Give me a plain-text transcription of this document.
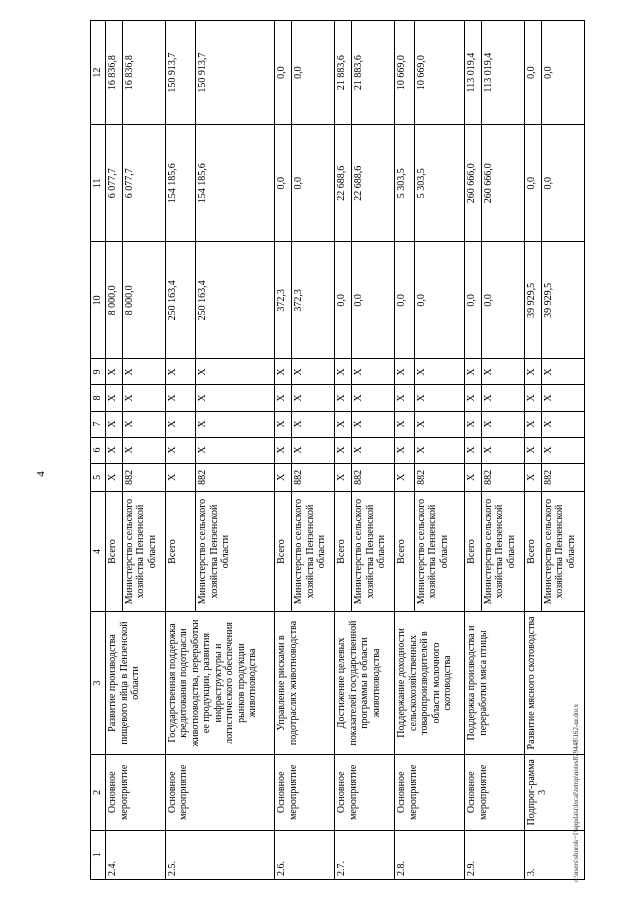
4
1	2	3	4	5	6	7	8	9	10	11	12
2.4.	Основное мероприятие	Развитие производства пищевого яйца в Пензенской области	Всего	Х	Х	Х	Х	Х	8 000,0	6 077,7	16 836,8
			Министерство сельского хозяйства Пензенской области	882	Х	Х	Х	Х	8 000,0	6 077,7	16 836,8
2.5.	Основное мероприятие	Государственная поддержка кредитования подотрасли животноводства, переработки ее продукции, развития инфраструктуры и логистического обеспечения рынков продукции животноводства	Всего	Х	Х	Х	Х	Х	250 163,4	154 185,6	150 913,7
			Министерство сельского хозяйства Пензенской области	882	Х	Х	Х	Х	250 163,4	154 185,6	150 913,7
2.6.	Основное мероприятие	Управление рисками в подотраслях животноводства	Всего	Х	Х	Х	Х	Х	372,3	0,0	0,0
			Министерство сельского хозяйства Пензенской области	882	Х	Х	Х	Х	372,3	0,0	0,0
2.7.	Основное мероприятие	Достижение целевых показателей государственной программы в области животноводства	Всего	Х	Х	Х	Х	Х	0,0	22 688,6	21 883,6
			Министерство сельского хозяйства Пензенской области	882	Х	Х	Х	Х	0,0	22 688,6	21 883,6
2.8.	Основное мероприятие	Поддержание доходности сельскохозяйственных товаропроизводителей в области молочного скотоводства	Всего	Х	Х	Х	Х	Х	0,0	5 303,5	10 669,0
			Министерство сельского хозяйства Пензенской области	882	Х	Х	Х	Х	0,0	5 303,5	10 669,0
2.9.	Основное мероприятие	Поддержка производства и переработки мяса птицы	Всего	Х	Х	Х	Х	Х	0,0	260 666,0	113 019,4
			Министерство сельского хозяйства Пензенской области	882	Х	Х	Х	Х	0,0	260 666,0	113 019,4
3.	Подпрог-рамма 3	Развитие мясного скотоводства	Всего	Х	Х	Х	Х	Х	39 929,5	0,0	0,0
			Министерство сельского хозяйства Пензенской области	882	Х	Х	Х	Х	39 929,5	0,0	0,0
c:\users\shorok~1\appdata\local\temp\notes879448\162-ш.docx
